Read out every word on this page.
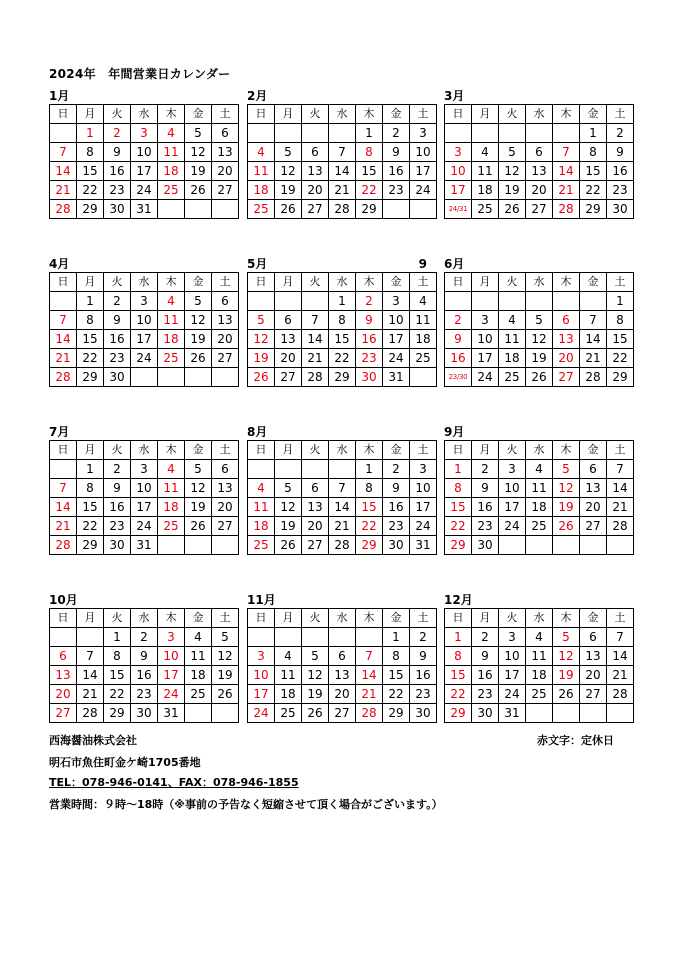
2024年　年間営業日カレンダー
1月
日	月	火	水	木	金	土
	1	2	3	4	5	6
7	8	9	10	11	12	13
14	15	16	17	18	19	20
21	22	23	24	25	26	27
28	29	30	31			
2月
日	月	火	水	木	金	土
				1	2	3
4	5	6	7	8	9	10
11	12	13	14	15	16	17
18	19	20	21	22	23	24
25	26	27	28	29		
3月
日	月	火	水	木	金	土
					1	2
3	4	5	6	7	8	9
10	11	12	13	14	15	16
17	18	19	20	21	22	23
24/31	25	26	27	28	29	30
4月
日	月	火	水	木	金	土
	1	2	3	4	5	6
7	8	9	10	11	12	13
14	15	16	17	18	19	20
21	22	23	24	25	26	27
28	29	30				
5月	9
日	月	火	水	木	金	土
			1	2	3	4
5	6	7	8	9	10	11
12	13	14	15	16	17	18
19	20	21	22	23	24	25
26	27	28	29	30	31	
6月
日	月	火	水	木	金	土
						1
2	3	4	5	6	7	8
9	10	11	12	13	14	15
16	17	18	19	20	21	22
23/30	24	25	26	27	28	29
7月
日	月	火	水	木	金	土
	1	2	3	4	5	6
7	8	9	10	11	12	13
14	15	16	17	18	19	20
21	22	23	24	25	26	27
28	29	30	31			
8月
日	月	火	水	木	金	土
				1	2	3
4	5	6	7	8	9	10
11	12	13	14	15	16	17
18	19	20	21	22	23	24
25	26	27	28	29	30	31
9月
日	月	火	水	木	金	土
1	2	3	4	5	6	7
8	9	10	11	12	13	14
15	16	17	18	19	20	21
22	23	24	25	26	27	28
29	30					
10月
日	月	火	水	木	金	土
		1	2	3	4	5
6	7	8	9	10	11	12
13	14	15	16	17	18	19
20	21	22	23	24	25	26
27	28	29	30	31		
11月
日	月	火	水	木	金	土
					1	2
3	4	5	6	7	8	9
10	11	12	13	14	15	16
17	18	19	20	21	22	23
24	25	26	27	28	29	30
12月
日	月	火	水	木	金	土
1	2	3	4	5	6	7
8	9	10	11	12	13	14
15	16	17	18	19	20	21
22	23	24	25	26	27	28
29	30	31				
西海醤油株式会社	赤文字：定休日
明石市魚住町金ケ崎1705番地
TEL：078-946-0141、FAX：078-946-1855
営業時間：９時～18時（※事前の予告なく短縮させて頂く場合がございます。）
